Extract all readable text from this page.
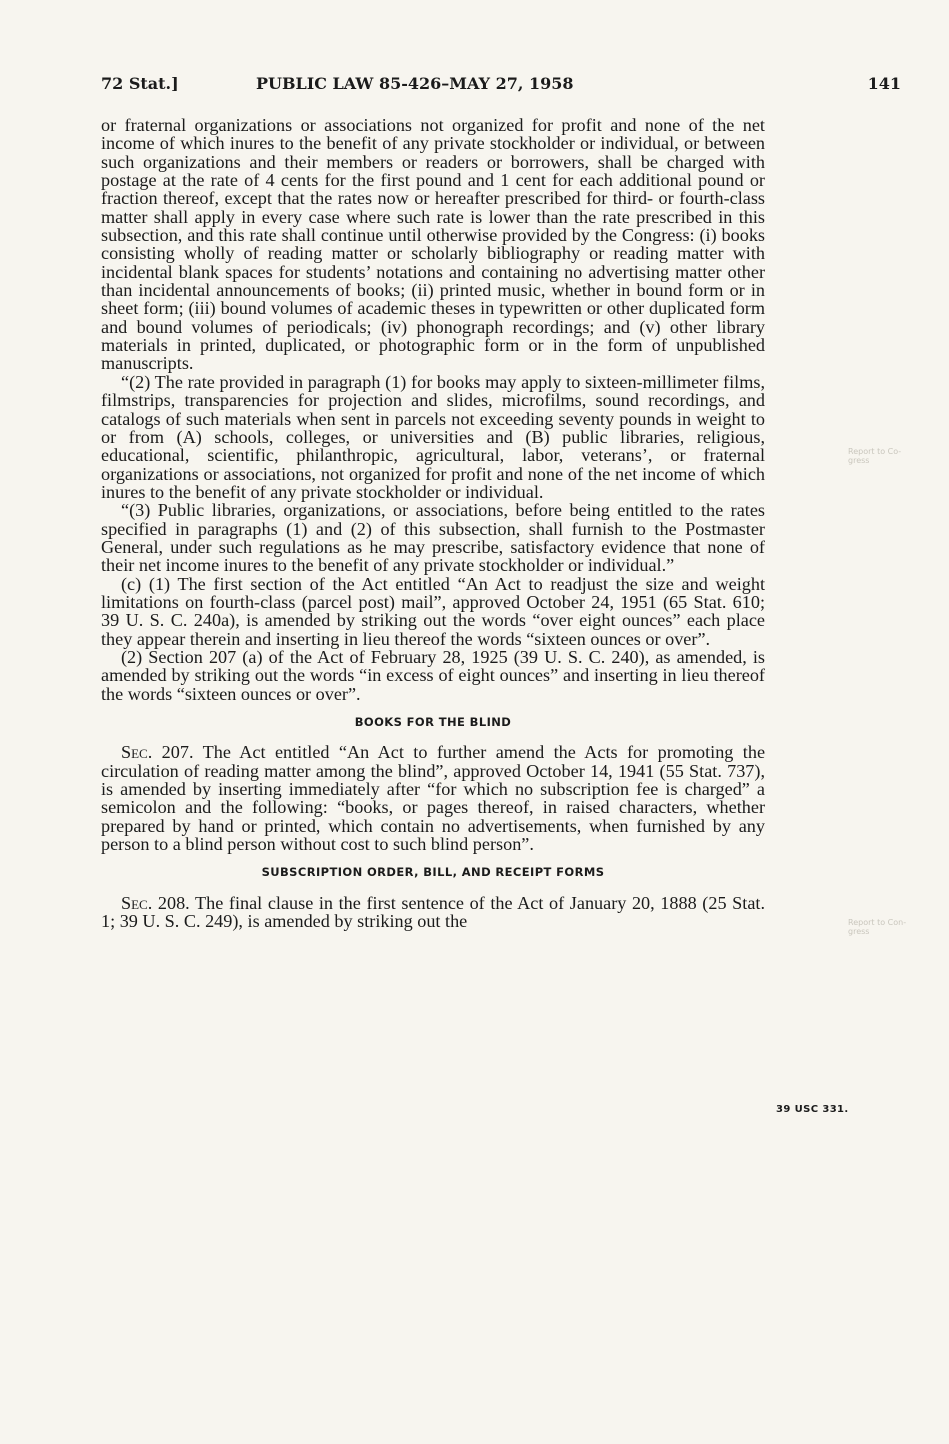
72 Stat.]	PUBLIC LAW 85-426–MAY 27, 1958	141

or fraternal organizations or associations not organized for profit and none of the net income of which inures to the benefit of any private stockholder or individual, or between such organizations and their members or readers or borrowers, shall be charged with postage at the rate of 4 cents for the first pound and 1 cent for each additional pound or fraction thereof, except that the rates now or hereafter prescribed for third- or fourth-class matter shall apply in every case where such rate is lower than the rate prescribed in this subsection, and this rate shall continue until otherwise provided by the Congress: (i) books consisting wholly of reading matter or scholarly bibliography or reading matter with incidental blank spaces for students’ notations and containing no advertising matter other than incidental announcements of books; (ii) printed music, whether in bound form or in sheet form; (iii) bound volumes of academic theses in typewritten or other duplicated form and bound volumes of periodicals; (iv) phonograph recordings; and (v) other library materials in printed, duplicated, or photographic form or in the form of unpublished manuscripts.

“(2) The rate provided in paragraph (1) for books may apply to sixteen-millimeter films, filmstrips, transparencies for projection and slides, microfilms, sound recordings, and catalogs of such materials when sent in parcels not exceeding seventy pounds in weight to or from (A) schools, colleges, or universities and (B) public libraries, religious, educational, scientific, philanthropic, agricultural, labor, veterans’, or fraternal organizations or associations, not organized for profit and none of the net income of which inures to the benefit of any private stockholder or individual.

“(3) Public libraries, organizations, or associations, before being entitled to the rates specified in paragraphs (1) and (2) of this subsection, shall furnish to the Postmaster General, under such regulations as he may prescribe, satisfactory evidence that none of their net income inures to the benefit of any private stockholder or individual.”

(c) (1) The first section of the Act entitled “An Act to readjust the size and weight limitations on fourth-class (parcel post) mail”, approved October 24, 1951 (65 Stat. 610; 39 U. S. C. 240a), is amended by striking out the words “over eight ounces” each place they appear therein and inserting in lieu thereof the words “sixteen ounces or over”.

(2) Section 207 (a) of the Act of February 28, 1925 (39 U. S. C. 240), as amended, is amended by striking out the words “in excess of eight ounces” and inserting in lieu thereof the words “sixteen ounces or over”.

BOOKS FOR THE BLIND

Sec. 207. The Act entitled “An Act to further amend the Acts for promoting the circulation of reading matter among the blind”, approved October 14, 1941 (55 Stat. 737), is amended by inserting immediately after “for which no subscription fee is charged” a semicolon and the following: “books, or pages thereof, in raised characters, whether prepared by hand or printed, which contain no advertisements, when furnished by any person to a blind person without cost to such blind person”.

SUBSCRIPTION ORDER, BILL, AND RECEIPT FORMS

Sec. 208. The final clause in the first sentence of the Act of January 20, 1888 (25 Stat. 1; 39 U. S. C. 249), is amended by striking out the

39 USC 331.
Report to Co- gress
Report to Con- gress
